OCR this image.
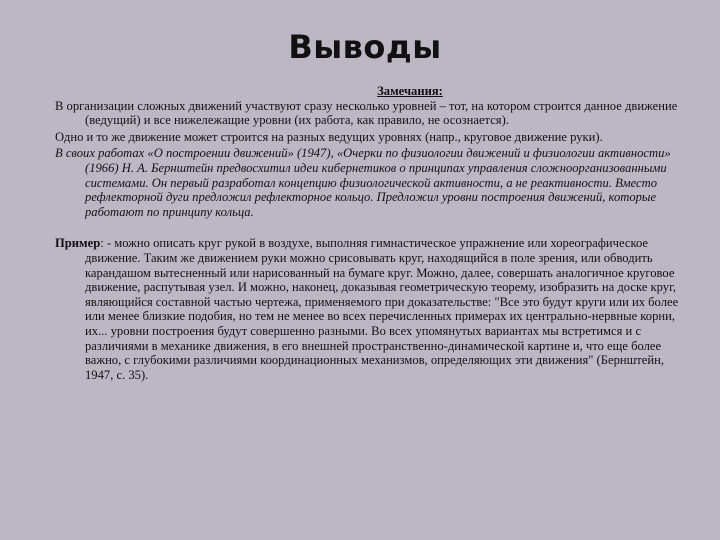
Выводы
Замечания:

В организации сложных движений участвуют сразу несколько уровней – тот, на котором строится данное движение (ведущий) и все нижележащие уровни (их работа, как правило, не осознается).

Одно и то же движение может строится на разных ведущих уровнях (напр., круговое движение руки).

В своих работах «О построении движений» (1947), «Очерки по физиологии движений и физиологии активности» (1966) Н. А. Бернштейн предвосхитил идеи кибернетиков о принципах управления сложноорганизованными системами. Он первый разработал концепцию физиологической активности, а не реактивности. Вместо рефлекторной дуги предложил рефлекторное кольцо. Предложил уровни построения движений, которые работают по принципу кольца.

Пример: - можно описать круг рукой в воздухе, выполняя гимнастическое упражнение или хореографическое движение. Таким же движением руки можно срисовывать круг, находящийся в поле зрения, или обводить карандашом вытесненный или нарисованный на бумаге круг. Можно, далее, совершать аналогичное круговое движение, распутывая узел. И можно, наконец, доказывая геометрическую теорему, изобразить на доске круг, являющийся составной частью чертежа, применяемого при доказательстве: "Все это будут круги или их более или менее близкие подобия, но тем не менее во всех перечисленных примерах их центрально-нервные корни, их... уровни построения будут совершенно разными. Во всех упомянутых вариантах мы встретимся и с различиями в механике движения, в его внешней пространственно-динамической картине и, что еще более важно, с глубокими различиями координационных механизмов, определяющих эти движения" (Бернштейн, 1947, с. 35).
